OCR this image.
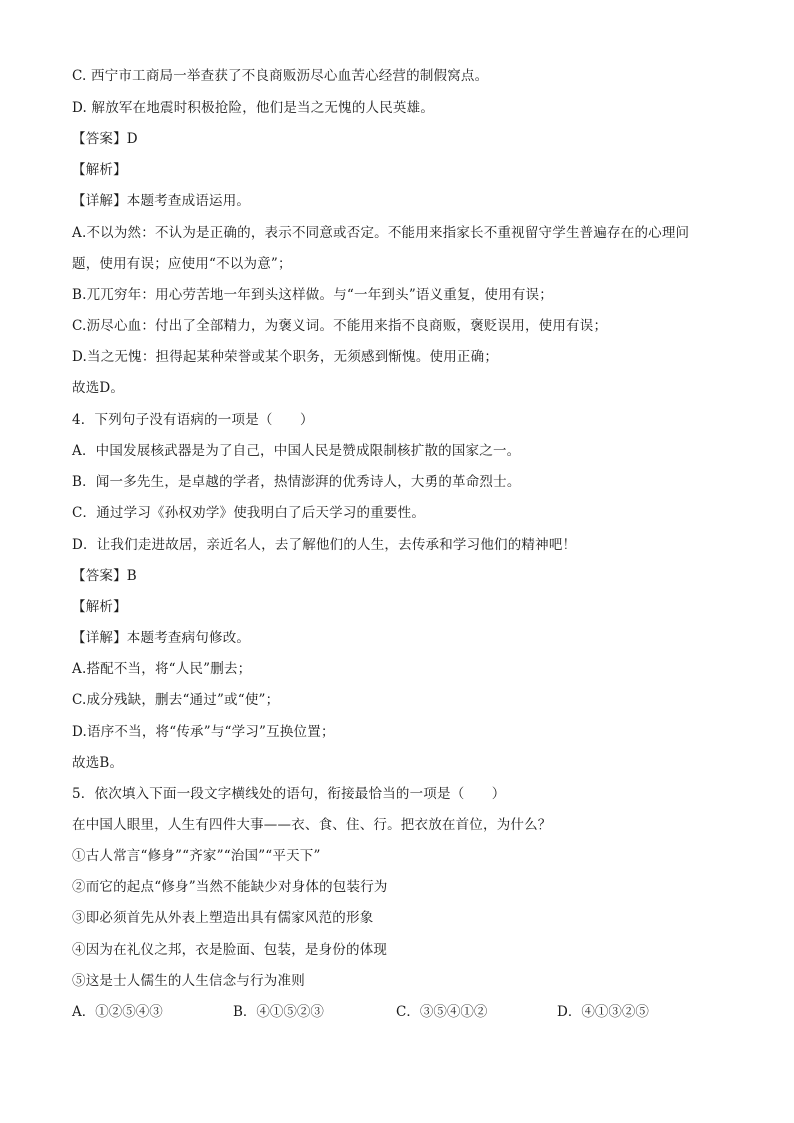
C. 西宁市工商局一举查获了不良商贩沥尽心血苦心经营的制假窝点。
D. 解放军在地震时积极抢险，他们是当之无愧的人民英雄。
【答案】D
【解析】
【详解】本题考查成语运用。
A.不以为然：不认为是正确的，表示不同意或否定。不能用来指家长不重视留守学生普遍存在的心理问
题，使用有误；应使用“不以为意”；
B.兀兀穷年：用心劳苦地一年到头这样做。与“一年到头”语义重复，使用有误；
C.沥尽心血：付出了全部精力，为褒义词。不能用来指不良商贩，褒贬误用，使用有误；
D.当之无愧：担得起某种荣誉或某个职务，无须感到惭愧。使用正确；
故选D。
4．下列句子没有语病的一项是（　　）
A．中国发展核武器是为了自己，中国人民是赞成限制核扩散的国家之一。
B．闻一多先生，是卓越的学者，热情澎湃的优秀诗人，大勇的革命烈士。
C．通过学习《孙权劝学》使我明白了后天学习的重要性。
D．让我们走进故居，亲近名人，去了解他们的人生，去传承和学习他们的精神吧！
【答案】B
【解析】
【详解】本题考查病句修改。
A.搭配不当，将“人民”删去；
C.成分残缺，删去“通过”或“使”；
D.语序不当，将“传承”与“学习”互换位置；
故选B。
5．依次填入下面一段文字横线处的语句，衔接最恰当的一项是（　　）
在中国人眼里，人生有四件大事——衣、食、住、行。把衣放在首位，为什么？
①古人常言“修身”“齐家”“治国”“平天下”
②而它的起点“修身”当然不能缺少对身体的包装行为
③即必须首先从外表上塑造出具有儒家风范的形象
④因为在礼仪之邦，衣是脸面、包装，是身份的体现
⑤这是士人儒生的人生信念与行为准则
A．①②⑤④③	B．④①⑤②③	C．③⑤④①②	D．④①③②⑤
